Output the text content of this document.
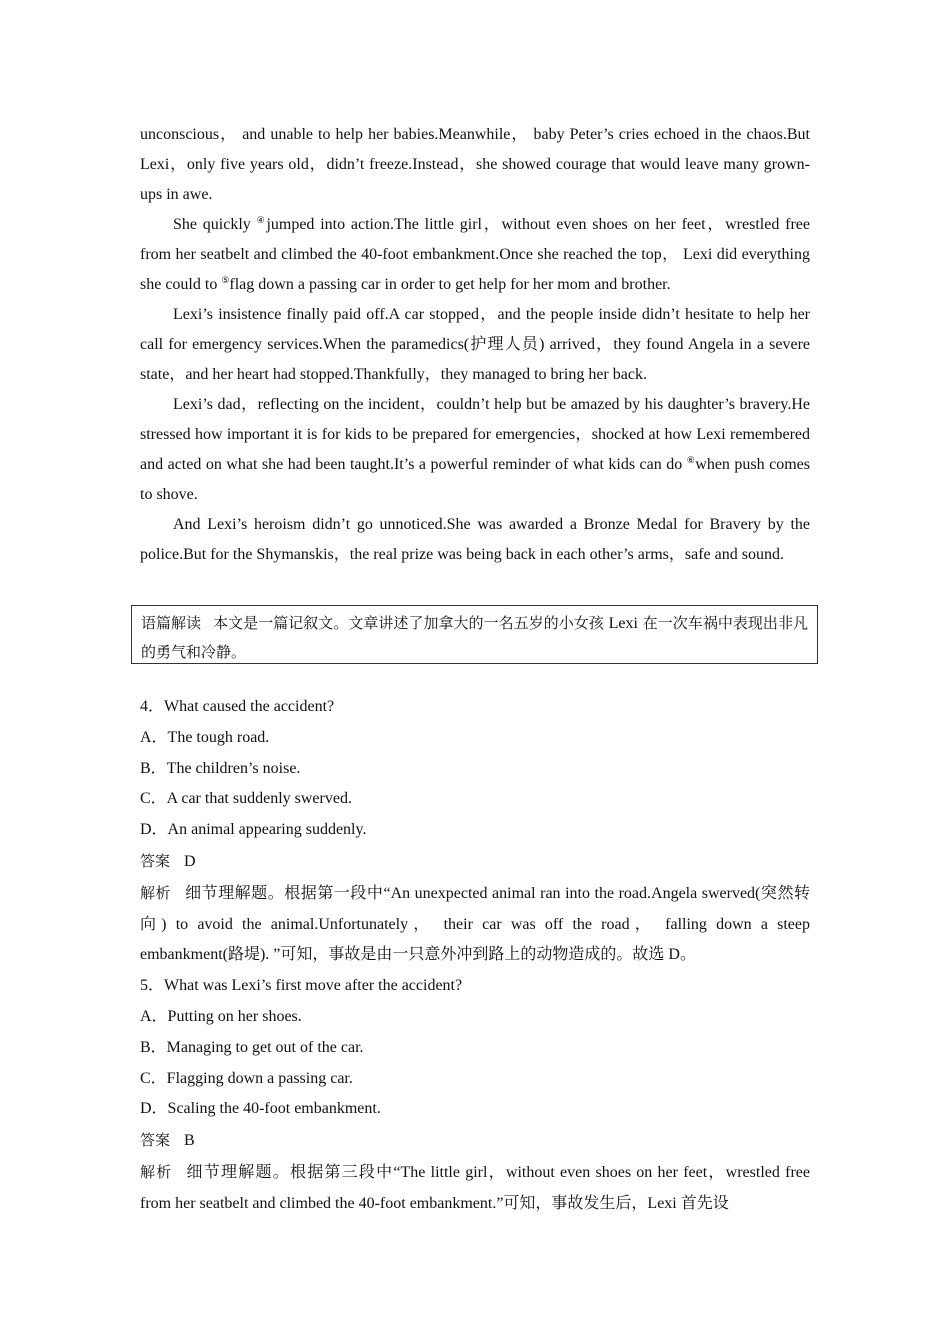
unconscious， and unable to help her babies.Meanwhile， baby Peter’s cries echoed in the chaos.But Lexi，only five years old，didn’t freeze.Instead，she showed courage that would leave many grown-ups in awe.

She quickly ④jumped into action.The little girl，without even shoes on her feet，wrestled free from her seatbelt and climbed the 40-foot embankment.Once she reached the top， Lexi did everything she could to ⑤flag down a passing car in order to get help for her mom and brother.

Lexi’s insistence finally paid off.A car stopped，and the people inside didn’t hesitate to help her call for emergency services.When the paramedics(护理人员) arrived，they found Angela in a severe state，and her heart had stopped.Thankfully，they managed to bring her back.

Lexi’s dad，reflecting on the incident，couldn’t help but be amazed by his daughter’s bravery.He stressed how important it is for kids to be prepared for emergencies，shocked at how Lexi remembered and acted on what she had been taught.It’s a powerful reminder of what kids can do ⑥when push comes to shove.

And Lexi’s heroism didn’t go unnoticed.She was awarded a Bronze Medal for Bravery by the police.But for the Shymanskis，the real prize was being back in each other’s arms，safe and sound.

语篇解读 本文是一篇记叙文。文章讲述了加拿大的一名五岁的小女孩 Lexi 在一次车祸中表现出非凡的勇气和冷静。

4．What caused the accident?

A．The tough road.

B．The children’s noise.

C．A car that suddenly swerved.

D．An animal appearing suddenly.

答案 D

解析 细节理解题。根据第一段中“An unexpected animal ran into the road.Angela swerved(突然转向) to avoid the animal.Unfortunately， their car was off the road， falling down a steep embankment(路堤). ”可知，事故是由一只意外冲到路上的动物造成的。故选 D。

5．What was Lexi’s first move after the accident?

A．Putting on her shoes.

B．Managing to get out of the car.

C．Flagging down a passing car.

D．Scaling the 40-foot embankment.

答案 B

解析 细节理解题。根据第三段中“The little girl，without even shoes on her feet，wrestled free from her seatbelt and climbed the 40-foot embankment.”可知，事故发生后，Lexi 首先设
